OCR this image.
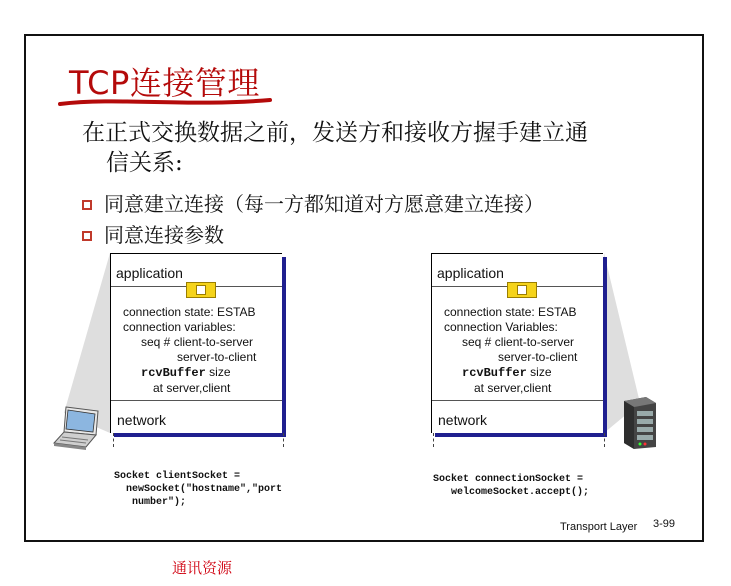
TCP连接管理
在正式交换数据之前，发送方和接收方握手建立通
信关系:
同意建立连接（每一方都知道对方愿意建立连接）
同意连接参数
application
connection state: ESTAB
connection variables:
seq # client-to-server
server-to-client
rcvBuffer size
at server,client
network
application
connection state: ESTAB
connection Variables:
seq # client-to-server
server-to-client
rcvBuffer size
at server,client
network
Socket clientSocket =
newSocket("hostname","port
number");
Socket connectionSocket =
welcomeSocket.accept();
Transport Layer 3-99
通讯资源
